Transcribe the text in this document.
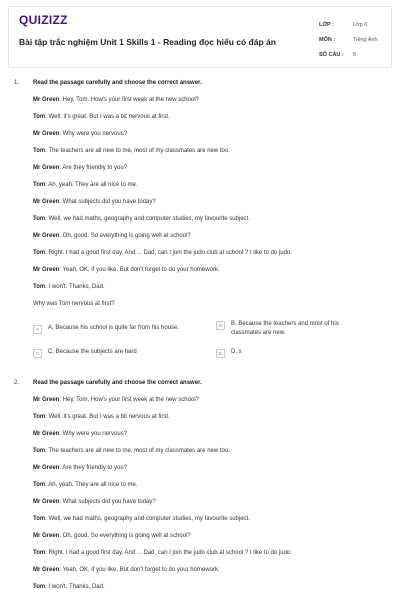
QUIZIZZ
Bài tập trắc nghiệm Unit 1 Skills 1 - Reading đọc hiểu có đáp án
LỚP :	Lớp 6
MÔN :	Tiếng Anh
SỐ CÂU :	5
1. Read the passage carefully and choose the correct answer.
Mr Green: Hey, Tom. How's your first week at the new school?
Tom: Well, it's great. But I was a bit nervous at first.
Mr Green: Why were you nervous?
Tom: The teachers are all new to me, most of my classmates are new too.
Mr Green: Are they friendly to you?
Tom: Ah, yeah. They are all nice to me.
Mr Green: What subjects did you have today?
Tom: Well, we had maths, geography and computer studies, my favourite subject.
Mr Green: Oh, good. So everything is going well at school?
Tom: Right. I had a good first day. And ... Dad, can I join the judo club at school ? I like to do judo.
Mr Green: Yeah, OK, if you like. But don't forget to do your homework.
Tom: I won't. Thanks, Dad.
Why was Tom nervous at first?
A	A. Because his school is quite far from his house.	B	B. Because the teachers and most of his classmates are new.
C	C. Because the subjects are hard	D	D. x
2. Read the passage carefully and choose the correct answer.
Mr Green: Hey, Tom. How's your first week at the new school?
Tom: Well, it's great. But I was a bit nervous at first.
Mr Green: Why were you nervous?
Tom: The teachers are all new to me, most of my classmates are new too.
Mr Green: Are they friendly to you?
Tom: Ah, yeah. They are all nice to me.
Mr Green: What subjects did you have today?
Tom: Well, we had maths, geography and computer studies, my favourite subject.
Mr Green: Oh, good. So everything is going well at school?
Tom: Right. I had a good first day. And ... Dad, can I join the judo club at school ? I like to do judo.
Mr Green: Yeah, OK, if you like. But don't forget to do your homework.
Tom: I won't. Thanks, Dad.
